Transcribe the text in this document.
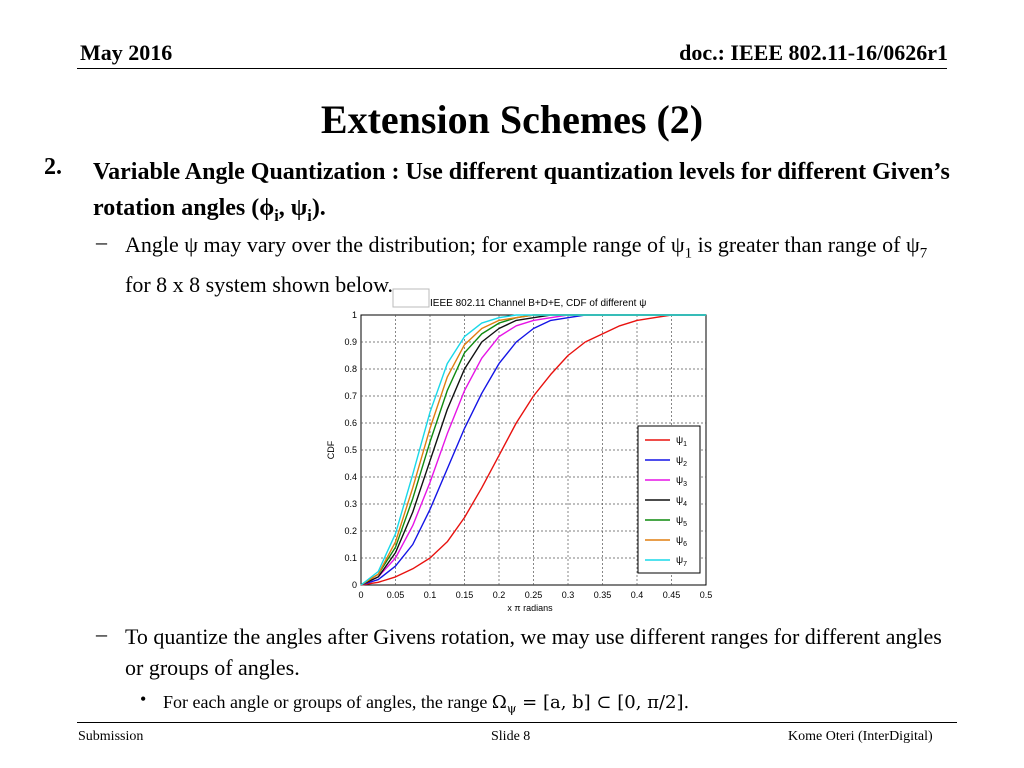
May 2016	doc.: IEEE 802.11-16/0626r1
Extension Schemes (2)
2. Variable Angle Quantization : Use different quantization levels for different Given’s rotation angles ($\phi_i$, $\psi_i$).
– Angle ψ may vary over the distribution; for example range of $\psi_1$ is greater than range of $\psi_7$ for 8 x 8 system shown below.
IEEE 802.11 Channel B+D+E, CDF of different ψ
0	0.05 0.1 0.15 0.2 0.25 0.3 0.35 0.4 0.45 0.5
0
0.1
0.2
0.3
0.4
0.5
0.6
0.7
0.8
0.9
1
x π radians
CDF
$\psi_1$
$\psi_2$
$\psi_3$
$\psi_4$
$\psi_5$
$\psi_6$
$\psi_7$
– To quantize the angles after Givens rotation, we may use different ranges for different angles or groups of angles.
• For each angle or groups of angles, the range $\Omega_\psi = [a$, b] ⊂ [0, π/2].
Submission	Slide 8	Kome Oteri (InterDigital)
